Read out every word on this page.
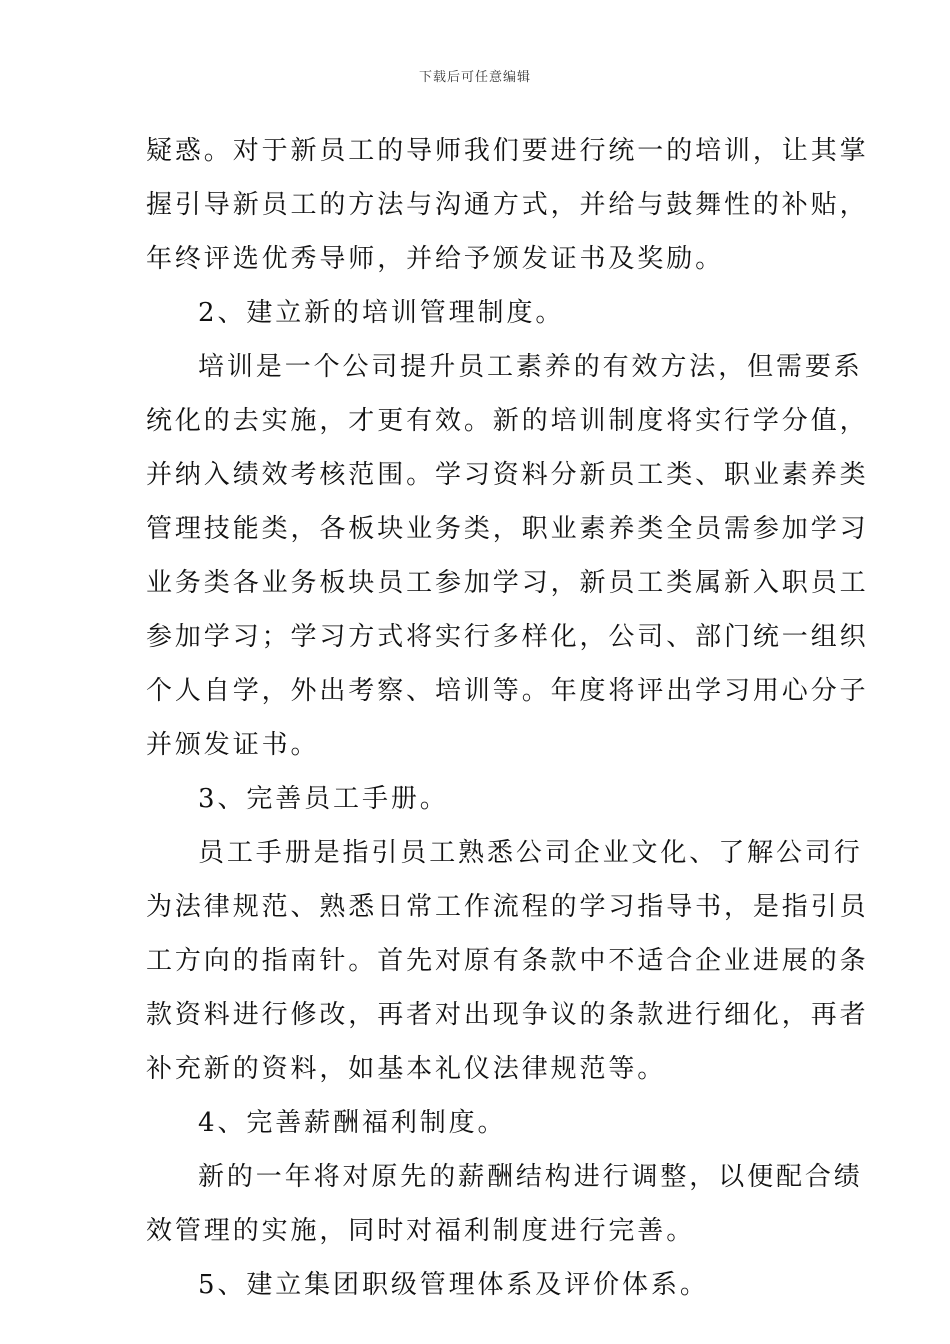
下载后可任意编辑
疑惑。对于新员工的导师我们要进行统一的培训，让其掌
握引导新员工的方法与沟通方式，并给与鼓舞性的补贴，
年终评选优秀导师，并给予颁发证书及奖励。
2、建立新的培训管理制度。
培训是一个公司提升员工素养的有效方法，但需要系
统化的去实施，才更有效。新的培训制度将实行学分值，
并纳入绩效考核范围。学习资料分新员工类、职业素养类
管理技能类，各板块业务类，职业素养类全员需参加学习
业务类各业务板块员工参加学习，新员工类属新入职员工
参加学习；学习方式将实行多样化，公司、部门统一组织
个人自学，外出考察、培训等。年度将评出学习用心分子
并颁发证书。
3、完善员工手册。
员工手册是指引员工熟悉公司企业文化、了解公司行
为法律规范、熟悉日常工作流程的学习指导书，是指引员
工方向的指南针。首先对原有条款中不适合企业进展的条
款资料进行修改，再者对出现争议的条款进行细化，再者
补充新的资料，如基本礼仪法律规范等。
4、完善薪酬福利制度。
新的一年将对原先的薪酬结构进行调整，以便配合绩
效管理的实施，同时对福利制度进行完善。
5、建立集团职级管理体系及评价体系。
